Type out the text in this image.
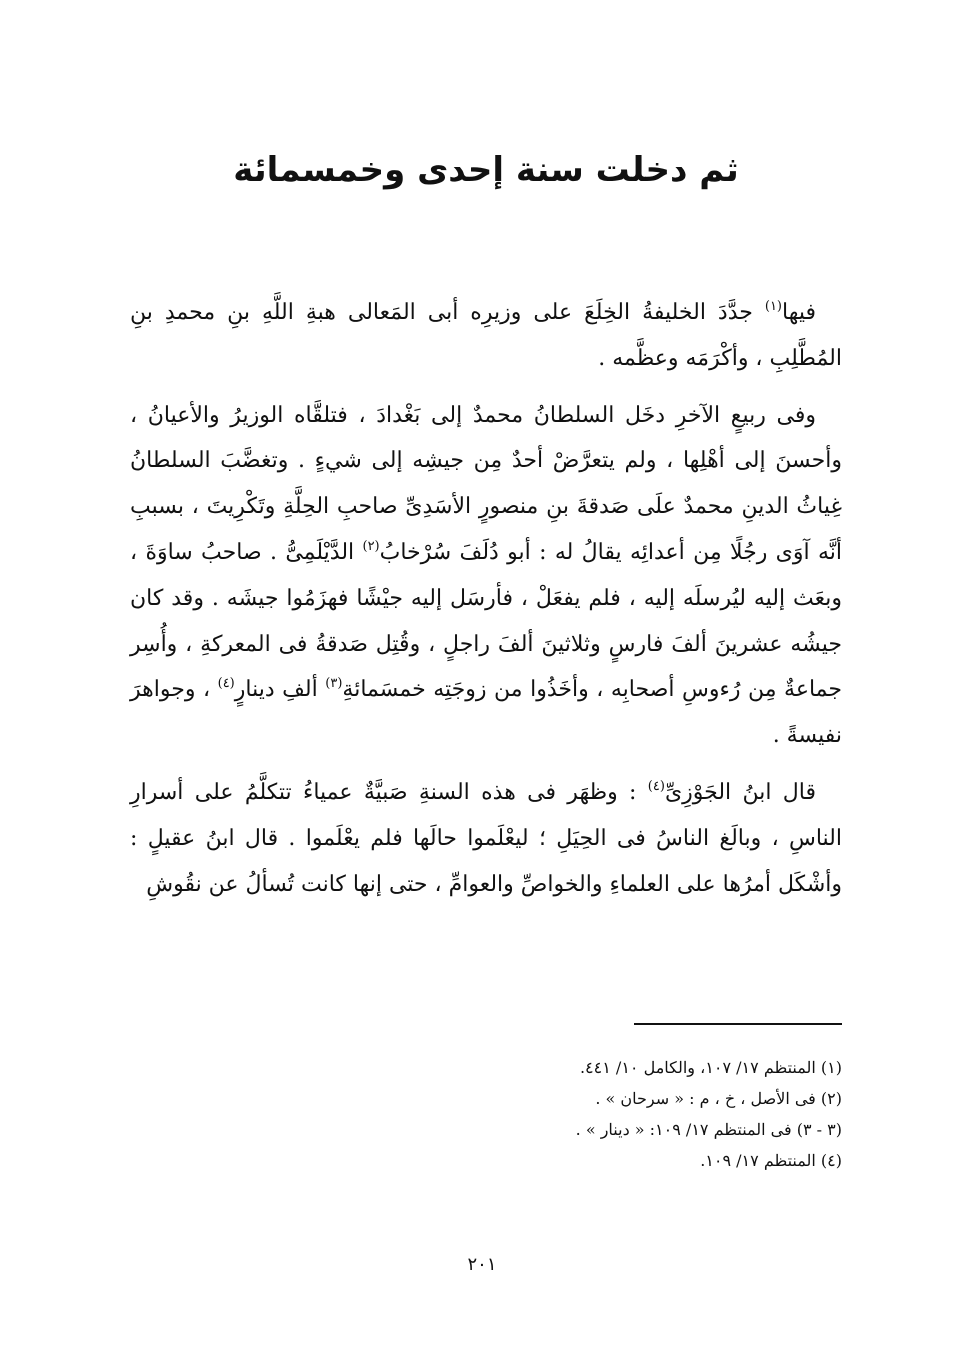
ثم دخلت سنة إحدى وخمسمائة

فيها$^{(١)}$ جدَّدَ الخليفةُ الخِلَعَ على وزيرِه أبى المَعالى هبةِ اللَّهِ بنِ محمدِ بنِ المُطَّلِبِ ، وأكْرَمَه وعظَّمه .

وفى ربيعٍ الآخرِ دخَل السلطانُ محمدٌ إلى بَغْدادَ ، فتلقَّاه الوزيرُ والأعيانُ ، وأحسنَ إلى أهْلِها ، ولم يتعرَّضْ أحدٌ مِن جيشِه إلى شيءٍ . وتغضَّبَ السلطانُ غِياثُ الدينِ محمدٌ علَى صَدقةَ بنِ منصورٍ الأسَدِىِّ صاحبِ الحِلَّةِ وتَكْرِيتَ ، بسببِ أنَّه آوَى رجُلًا مِن أعدائِه يقالُ له : أبو دُلَفَ سُرْخابُ$^{(٢)}$ الدَّيْلَمِىُّ . صاحبُ ساوَةَ ، وبعَث إليه ليُرسلَه إليه ، فلم يفعَلْ ، فأرسَل إليه جيْشًا فهزَمُوا جيشَه . وقد كان جيشُه عشرينَ ألفَ فارسٍ وثلاثينَ ألفَ راجلٍ ، وقُتِل صَدقةُ فى المعركةِ ، وأُسِر جماعةٌ مِن رُءوسِ أصحابِه ، وأخَذُوا من زوجَتِه خمسَمائةِ$^{(٣)}$ ألفِ دينارٍ$^{(٤)}$ ، وجواهرَ نفيسةً .

قال ابنُ الجَوْزِىِّ$^{(٤)}$ : وظهَر فى هذه السنةِ صَبيَّةٌ عمياءُ تتكلَّمُ على أسرارِ الناسِ ، وبالَغ الناسُ فى الحِيَلِ ؛ ليعْلَموا حالَها فلم يعْلَموا . قال ابنُ عقيلٍ : وأشْكَل أمرُها على العلماءِ والخواصِّ والعوامِّ ، حتى إنها كانت تُسألُ عن نقُوشِ

(١) المنتظم ١٧/ ١٠٧، والكامل ١٠/ ٤٤١.

(٢) فى الأصل ، خ ، م : « سرحان » .

(٣ - ٣) فى المنتظم ١٧/ ١٠٩: « دينار » .

(٤) المنتظم ١٧/ ١٠٩.

٢٠١
